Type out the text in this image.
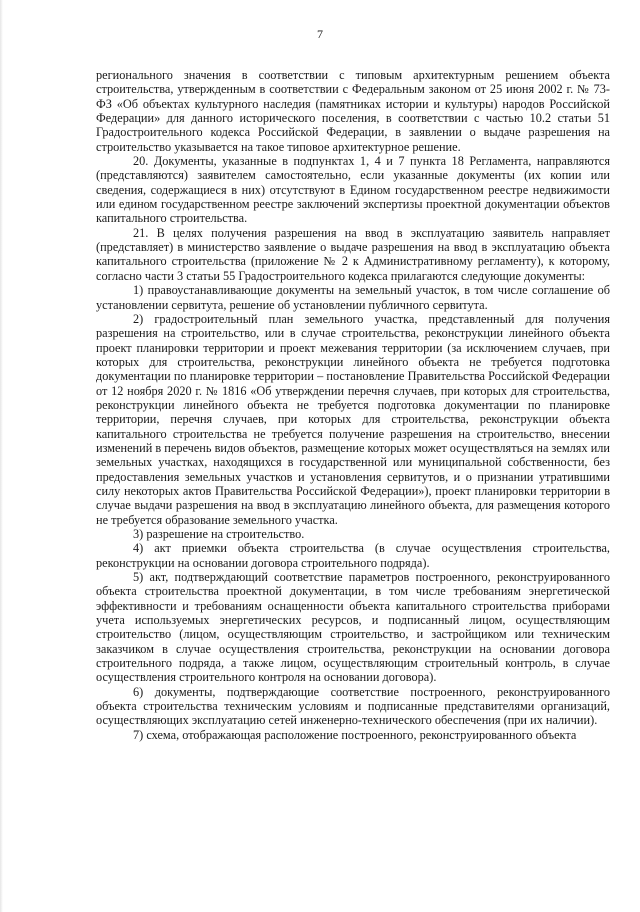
7

регионального значения в соответствии с типовым архитектурным решением объекта строительства, утвержденным в соответствии с Федеральным законом от 25 июня 2002 г. № 73-ФЗ «Об объектах культурного наследия (памятниках истории и культуры) народов Российской Федерации» для данного исторического поселения, в соответствии с частью 10.2 статьи 51 Градостроительного кодекса Российской Федерации, в заявлении о выдаче разрешения на строительство указывается на такое типовое архитектурное решение.

20. Документы, указанные в подпунктах 1, 4 и 7 пункта 18 Регламента, направляются (представляются) заявителем самостоятельно, если указанные документы (их копии или сведения, содержащиеся в них) отсутствуют в Едином государственном реестре недвижимости или едином государственном реестре заключений экспертизы проектной документации объектов капитального строительства.

21. В целях получения разрешения на ввод в эксплуатацию заявитель направляет (представляет) в министерство заявление о выдаче разрешения на ввод в эксплуатацию объекта капитального строительства (приложение № 2 к Административному регламенту), к которому, согласно части 3 статьи 55 Градостроительного кодекса прилагаются следующие документы:

1) правоустанавливающие документы на земельный участок, в том числе соглашение об установлении сервитута, решение об установлении публичного сервитута.

2) градостроительный план земельного участка, представленный для получения разрешения на строительство, или в случае строительства, реконструкции линейного объекта проект планировки территории и проект межевания территории (за исключением случаев, при которых для строительства, реконструкции линейного объекта не требуется подготовка документации по планировке территории – постановление Правительства Российской Федерации от 12 ноября 2020 г. № 1816 «Об утверждении перечня случаев, при которых для строительства, реконструкции линейного объекта не требуется подготовка документации по планировке территории, перечня случаев, при которых для строительства, реконструкции объекта капитального строительства не требуется получение разрешения на строительство, внесении изменений в перечень видов объектов, размещение которых может осуществляться на землях или земельных участках, находящихся в государственной или муниципальной собственности, без предоставления земельных участков и установления сервитутов, и о признании утратившими силу некоторых актов Правительства Российской Федерации»), проект планировки территории в случае выдачи разрешения на ввод в эксплуатацию линейного объекта, для размещения которого не требуется образование земельного участка.

3) разрешение на строительство.

4) акт приемки объекта строительства (в случае осуществления строительства, реконструкции на основании договора строительного подряда).

5) акт, подтверждающий соответствие параметров построенного, реконструированного объекта строительства проектной документации, в том числе требованиям энергетической эффективности и требованиям оснащенности объекта капитального строительства приборами учета используемых энергетических ресурсов, и подписанный лицом, осуществляющим строительство (лицом, осуществляющим строительство, и застройщиком или техническим заказчиком в случае осуществления строительства, реконструкции на основании договора строительного подряда, а также лицом, осуществляющим строительный контроль, в случае осуществления строительного контроля на основании договора).

6) документы, подтверждающие соответствие построенного, реконструированного объекта строительства техническим условиям и подписанные представителями организаций, осуществляющих эксплуатацию сетей инженерно-технического обеспечения (при их наличии).

7) схема, отображающая расположение построенного, реконструированного объекта
